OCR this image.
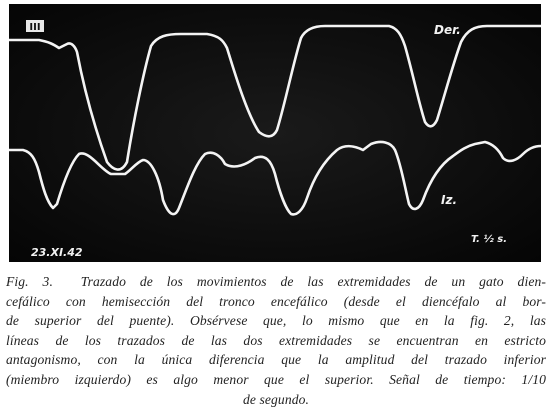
III	Der.
Iz.
23.XI.42
T. ½ s.
Fig. 3. Trazado de los movimientos de las extremidades de un gato dien-
cefálico con hemisección del tronco encefálico (desde el diencéfalo al bor-
de superior del puente). Obsérvese que, lo mismo que en la fig. 2, las
líneas de los trazados de las dos extremidades se encuentran en estricto
antagonismo, con la única diferencia que la amplitud del trazado inferior
(miembro izquierdo) es algo menor que el superior. Señal de tiempo: 1/10
de segundo.
